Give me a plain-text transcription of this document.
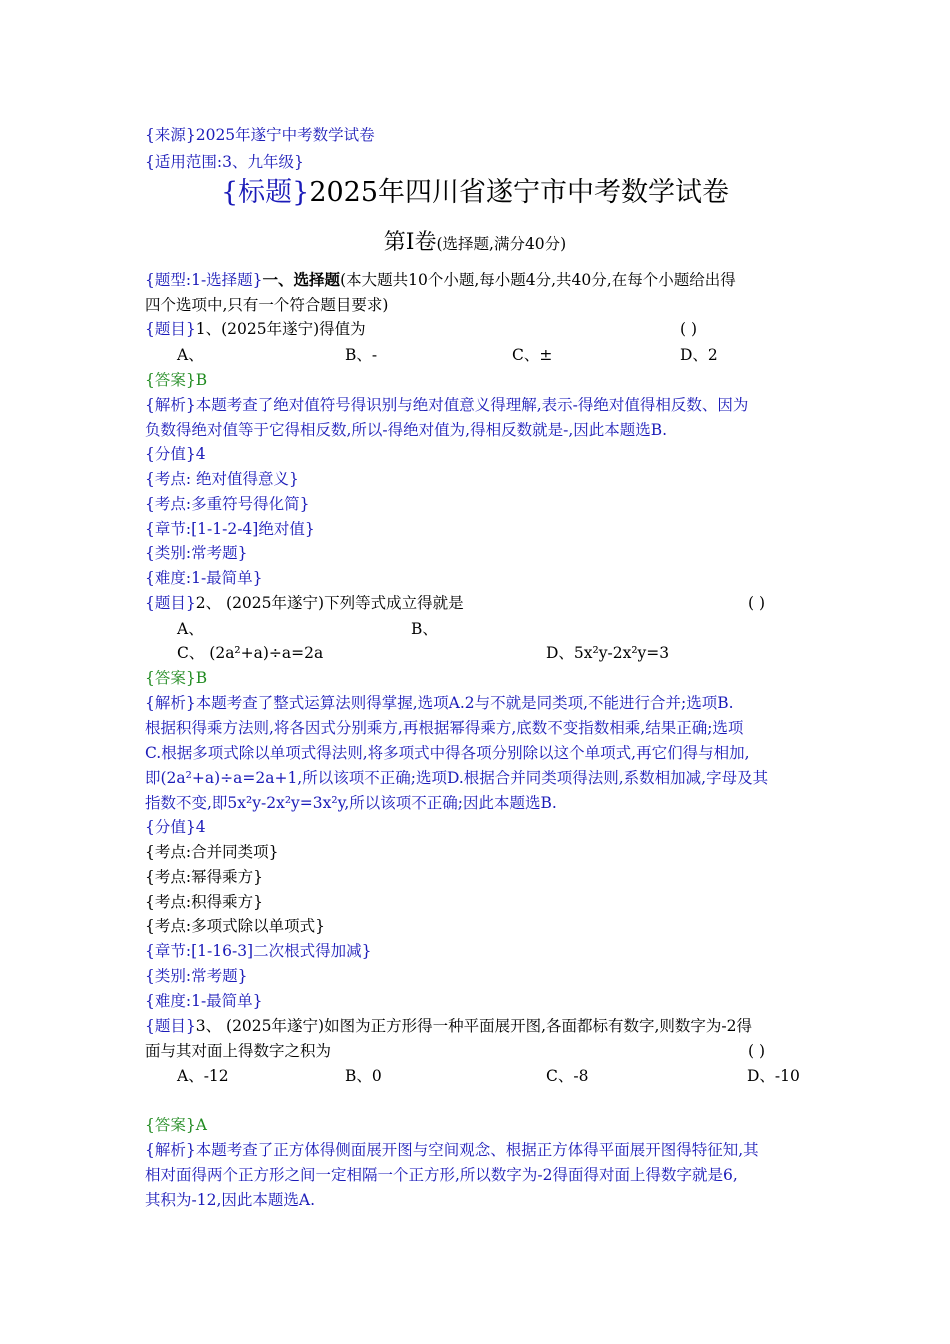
{来源}2025年遂宁中考数学试卷
{适用范围:3、九年级}
{标题}2025年四川省遂宁市中考数学试卷
第Ⅰ卷(选择题,满分40分)
{题型:1-选择题}一、选择题(本大题共10个小题,每小题4分,共40分,在每个小题给出得
四个选项中,只有一个符合题目要求)
{题目}1、(2025年遂宁)得值为	( )
A、	B、-	C、±	D、2
{答案}B
{解析}本题考查了绝对值符号得识别与绝对值意义得理解,表示-得绝对值得相反数、因为
负数得绝对值等于它得相反数,所以-得绝对值为,得相反数就是-,因此本题选B.
{分值}4
{考点: 绝对值得意义}
{考点:多重符号得化简}
{章节:[1-1-2-4]绝对值}
{类别:常考题}
{难度:1-最简单}
{题目}2、 (2025年遂宁)下列等式成立得就是	( )
A、	B、
C、 (2a²+a)÷a=2a	D、5x²y-2x²y=3
{答案}B
{解析}本题考查了整式运算法则得掌握,选项A.2与不就是同类项,不能进行合并;选项B.
根据积得乘方法则,将各因式分别乘方,再根据幂得乘方,底数不变指数相乘,结果正确;选项
C.根据多项式除以单项式得法则,将多项式中得各项分别除以这个单项式,再它们得与相加,
即(2a²+a)÷a=2a+1,所以该项不正确;选项D.根据合并同类项得法则,系数相加减,字母及其
指数不变,即5x²y-2x²y=3x²y,所以该项不正确;因此本题选B.
{分值}4
{考点:合并同类项}
{考点:幂得乘方}
{考点:积得乘方}
{考点:多项式除以单项式}
{章节:[1-16-3]二次根式得加减}
{类别:常考题}
{难度:1-最简单}
{题目}3、 (2025年遂宁)如图为正方形得一种平面展开图,各面都标有数字,则数字为-2得
面与其对面上得数字之积为	( )
A、-12	B、0	C、-8	D、-10
{答案}A
{解析}本题考查了正方体得侧面展开图与空间观念、根据正方体得平面展开图得特征知,其
相对面得两个正方形之间一定相隔一个正方形,所以数字为-2得面得对面上得数字就是6,
其积为-12,因此本题选A.
